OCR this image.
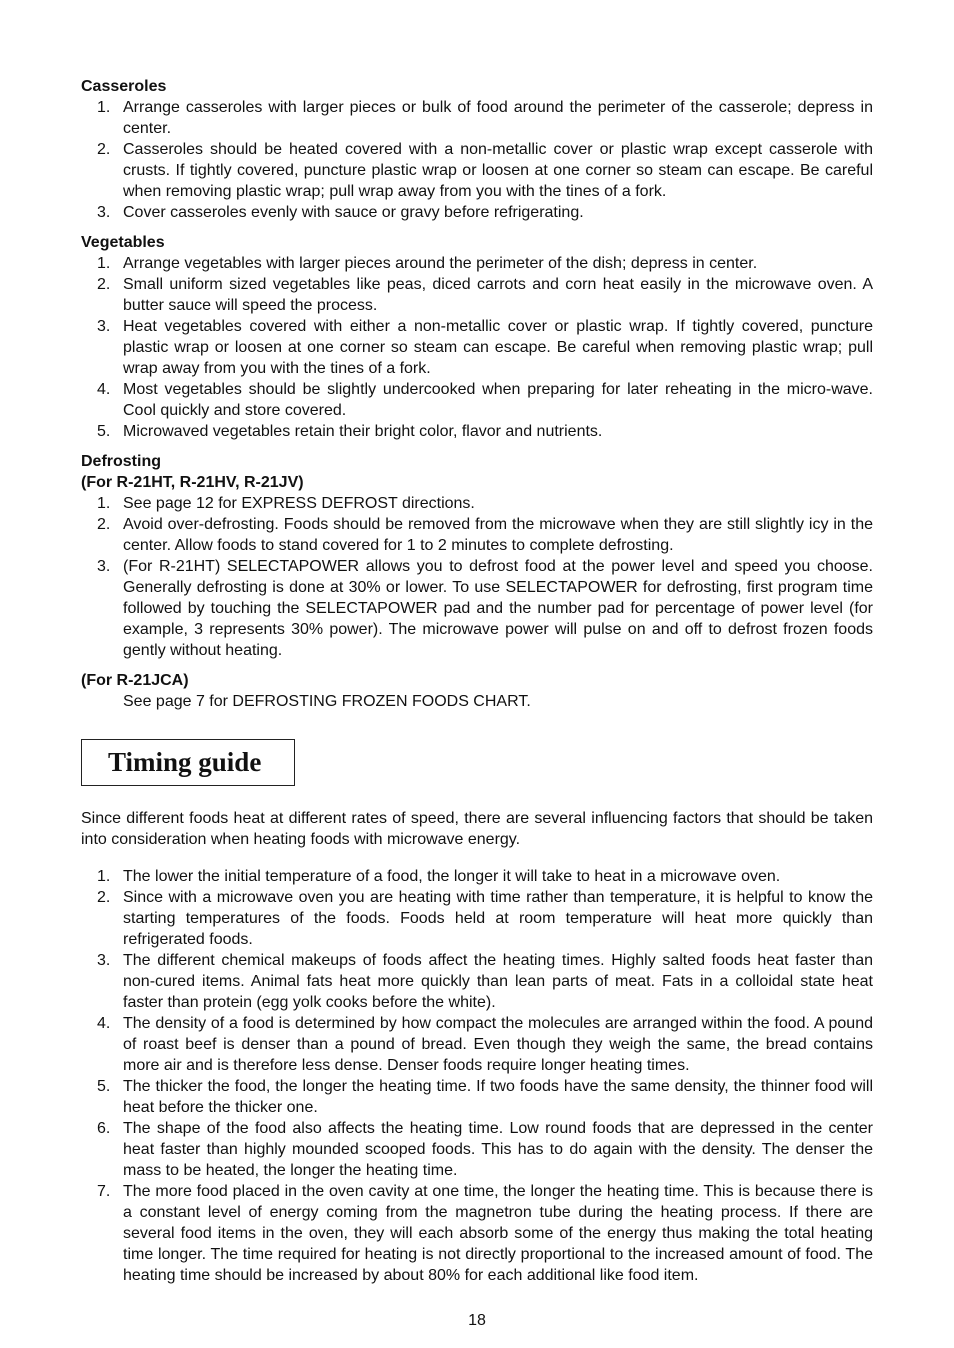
Casseroles
1. Arrange casseroles with larger pieces or bulk of food around the perimeter of the casserole; depress in center.
2. Casseroles should be heated covered with a non-metallic cover or plastic wrap except casserole with crusts. If tightly covered, puncture plastic wrap or loosen at one corner so steam can escape. Be careful when removing plastic wrap; pull wrap away from you with the tines of a fork.
3. Cover casseroles evenly with sauce or gravy before refrigerating.
Vegetables
1. Arrange vegetables with larger pieces around the perimeter of the dish; depress in center.
2. Small uniform sized vegetables like peas, diced carrots and corn heat easily in the microwave oven. A butter sauce will speed the process.
3. Heat vegetables covered with either a non-metallic cover or plastic wrap. If tightly covered, puncture plastic wrap or loosen at one corner so steam can escape. Be careful when removing plastic wrap; pull wrap away from you with the tines of a fork.
4. Most vegetables should be slightly undercooked when preparing for later reheating in the micro-wave. Cool quickly and store covered.
5. Microwaved vegetables retain their bright color, flavor and nutrients.
Defrosting
(For R-21HT, R-21HV, R-21JV)
1. See page 12 for EXPRESS DEFROST directions.
2. Avoid over-defrosting. Foods should be removed from the microwave when they are still slightly icy in the center. Allow foods to stand covered for 1 to 2 minutes to complete defrosting.
3. (For R-21HT) SELECTAPOWER allows you to defrost food at the power level and speed you choose. Generally defrosting is done at 30% or lower. To use SELECTAPOWER for defrosting, first program time followed by touching the SELECTAPOWER pad and the number pad for percentage of power level (for example, 3 represents 30% power). The microwave power will pulse on and off to defrost frozen foods gently without heating.
(For R-21JCA)
See page 7 for DEFROSTING FROZEN FOODS CHART.
Timing guide
Since different foods heat at different rates of speed, there are several influencing factors that should be taken into consideration when heating foods with microwave energy.
1. The lower the initial temperature of a food, the longer it will take to heat in a microwave oven.
2. Since with a microwave oven you are heating with time rather than temperature, it is helpful to know the starting temperatures of the foods. Foods held at room temperature will heat more quickly than refrigerated foods.
3. The different chemical makeups of foods affect the heating times. Highly salted foods heat faster than non-cured items. Animal fats heat more quickly than lean parts of meat. Fats in a colloidal state heat faster than protein (egg yolk cooks before the white).
4. The density of a food is determined by how compact the molecules are arranged within the food. A pound of roast beef is denser than a pound of bread. Even though they weigh the same, the bread contains more air and is therefore less dense. Denser foods require longer heating times.
5. The thicker the food, the longer the heating time. If two foods have the same density, the thinner food will heat before the thicker one.
6. The shape of the food also affects the heating time. Low round foods that are depressed in the center heat faster than highly mounded scooped foods. This has to do again with the density. The denser the mass to be heated, the longer the heating time.
7. The more food placed in the oven cavity at one time, the longer the heating time. This is because there is a constant level of energy coming from the magnetron tube during the heating process. If there are several food items in the oven, they will each absorb some of the energy thus making the total heating time longer. The time required for heating is not directly proportional to the increased amount of food. The heating time should be increased by about 80% for each additional like food item.
18
